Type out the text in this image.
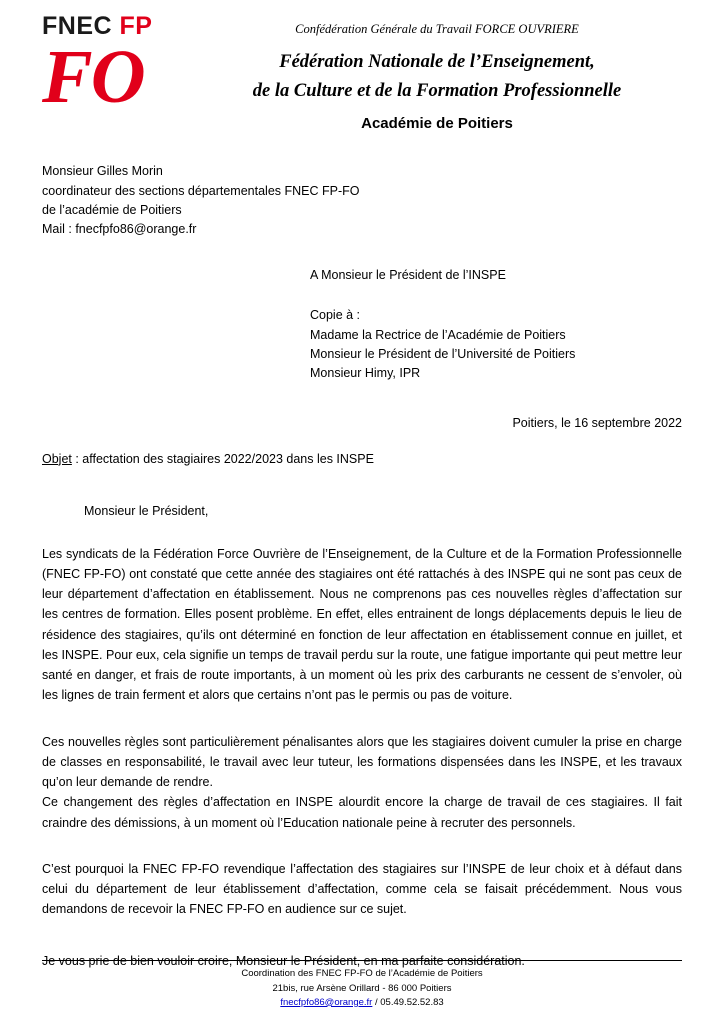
FNEC FP
FO
Confédération Générale du Travail FORCE OUVRIERE
Fédération Nationale de l’Enseignement,
de la Culture et de la Formation Professionnelle
Académie de Poitiers
Monsieur Gilles Morin
coordinateur des sections départementales FNEC FP-FO
de l’académie de Poitiers
Mail : fnecfpfo86@orange.fr
A Monsieur le Président de l’INSPE
Copie à :
Madame la Rectrice de l’Académie de Poitiers
Monsieur le Président de l’Université de Poitiers
Monsieur Himy, IPR
Poitiers, le 16 septembre 2022
Objet : affectation des stagiaires 2022/2023 dans les INSPE
Monsieur le Président,
Les syndicats de la Fédération Force Ouvrière de l’Enseignement, de la Culture et de la Formation Professionnelle (FNEC FP-FO) ont constaté que cette année des stagiaires ont été rattachés à des INSPE qui ne sont pas ceux de leur département d’affectation en établissement. Nous ne comprenons pas ces nouvelles règles d’affectation sur les centres de formation. Elles posent problème. En effet, elles entrainent de longs déplacements depuis le lieu de résidence des stagiaires, qu’ils ont déterminé en fonction de leur affectation en établissement connue en juillet, et les INSPE. Pour eux, cela signifie un temps de travail perdu sur la route, une fatigue importante qui peut mettre leur santé en danger, et frais de route importants, à un moment où les prix des carburants ne cessent de s’envoler, où les lignes de train ferment et alors que certains n’ont pas le permis ou pas de voiture.
Ces nouvelles règles sont particulièrement pénalisantes alors que les stagiaires doivent cumuler la prise en charge de classes en responsabilité, le travail avec leur tuteur, les formations dispensées dans les INSPE, et les travaux qu’on leur demande de rendre.
Ce changement des règles d’affectation en INSPE alourdit encore la charge de travail de ces stagiaires. Il fait craindre des démissions, à un moment où l’Education nationale peine à recruter des personnels.
C’est pourquoi la FNEC FP-FO revendique l’affectation des stagiaires sur l’INSPE de leur choix et à défaut dans celui du département de leur établissement d’affectation, comme cela se faisait précédemment. Nous vous demandons de recevoir la FNEC FP-FO en audience sur ce sujet.
Je vous prie de bien vouloir croire, Monsieur le Président, en ma parfaite considération.
Coordination des FNEC FP-FO de l’Académie de Poitiers
21bis, rue Arsène Orillard - 86 000 Poitiers
fnecfpfo86@orange.fr / 05.49.52.52.83
